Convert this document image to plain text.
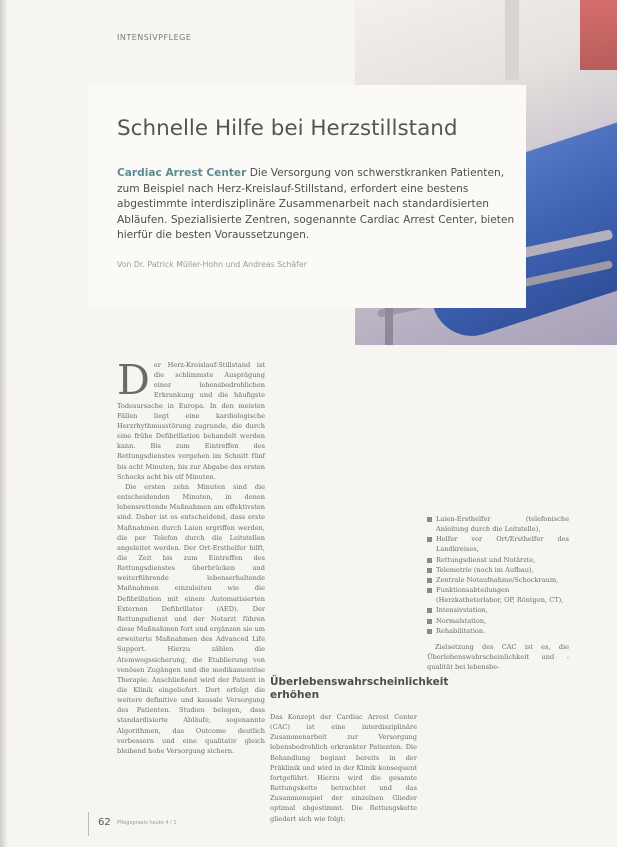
INTENSIVPFLEGE
Schnelle Hilfe bei Herzstillstand

Cardiac Arrest Center Die Versorgung von schwerstkranken Patienten, zum Beispiel nach Herz-Kreislauf-Stillstand, erfordert eine bestens abgestimmte interdisziplinäre Zusammenarbeit nach standardisierten Abläufen. Spezialisierte Zentren, sogenannte Cardiac Arrest Center, bieten hierfür die besten Voraussetzungen.

Von Dr. Patrick Müller-Hohn und Andreas Schäfer
D er Herz-Kreislauf-Stillstand ist die schlimmste Ausprägung einer lebensbedrohlichen Erkrankung und die häufigste Todesursache in Europa. In den meisten Fällen liegt eine kardiologische Herzrhythmusstörung zugrunde, die durch eine frühe Defibrillation behandelt werden kann. Bis zum Eintreffen des Rettungsdienstes vergehen im Schnitt fünf bis acht Minuten, bis zur Abgabe des ersten Schocks acht bis elf Minuten.

Die ersten zehn Minuten sind die entscheidenden Minuten, in denen lebensrettende Maßnahmen am effektivsten sind. Daher ist es entscheidend, dass erste Maßnahmen durch Laien ergriffen werden, die per Telefon durch die Leitstellen angeleitet werden. Der Ort-Ersthelfer hilft, die Zeit bis zum Eintreffen des Rettungsdienstes überbrücken und weiterführende lebenserhaltende Maßnahmen einzuleiten wie die Defibrillation mit einem Automatisierten Externen Defibrillator (AED). Der Rettungsdienst und der Notarzt führen diese Maßnahmen fort und ergänzen sie um erweiterte Maßnahmen des Advanced Life Support. Hierzu zählen die Atemwegssicherung, die Etablierung von venösen Zugängen und die medikamentöse Therapie. Anschließend wird der Patient in die Klinik eingeliefert. Dort erfolgt die weitere definitive und kausale Versorgung des Patienten. Studien belegen, dass standardisierte Abläufe, sogenannte Algorithmen, das Outcome deutlich verbessern und eine qualitativ gleich bleibend hohe Versorgung sichern.

Überlebenswahrscheinlichkeit erhöhen

Das Konzept der Cardiac Arrest Center (CAC) ist eine interdisziplinäre Zusammenarbeit zur Versorgung lebensbedrohlich erkrankter Patienten. Die Behandlung beginnt bereits in der Präklinik und wird in der Klinik konsequent fortgeführt. Hierzu wird die gesamte Rettungskette betrachtet und das Zusammenspiel der einzelnen Glieder optimal abgestimmt. Die Rettungskette gliedert sich wie folgt:

Laien-Ersthelfer (telefonische Anleitung durch die Leitstelle),
Helfer vor Ort/Ersthelfer des Landkreises,
Rettungsdienst und Notärzte,
Telemetrie (noch im Aufbau),
Zentrale Notaufnahme/Schockraum,
Funktionsabteilungen (Herzkatheterlabor, OP, Röntgen, CT),
Intensivstation,
Normalstation,
Rehabilitation.

Zielsetzung des CAC ist es, die Überlebenswahrscheinlichkeit und -qualität bei lebensbe-

62 Pflegepraxis heute 4 / 1
